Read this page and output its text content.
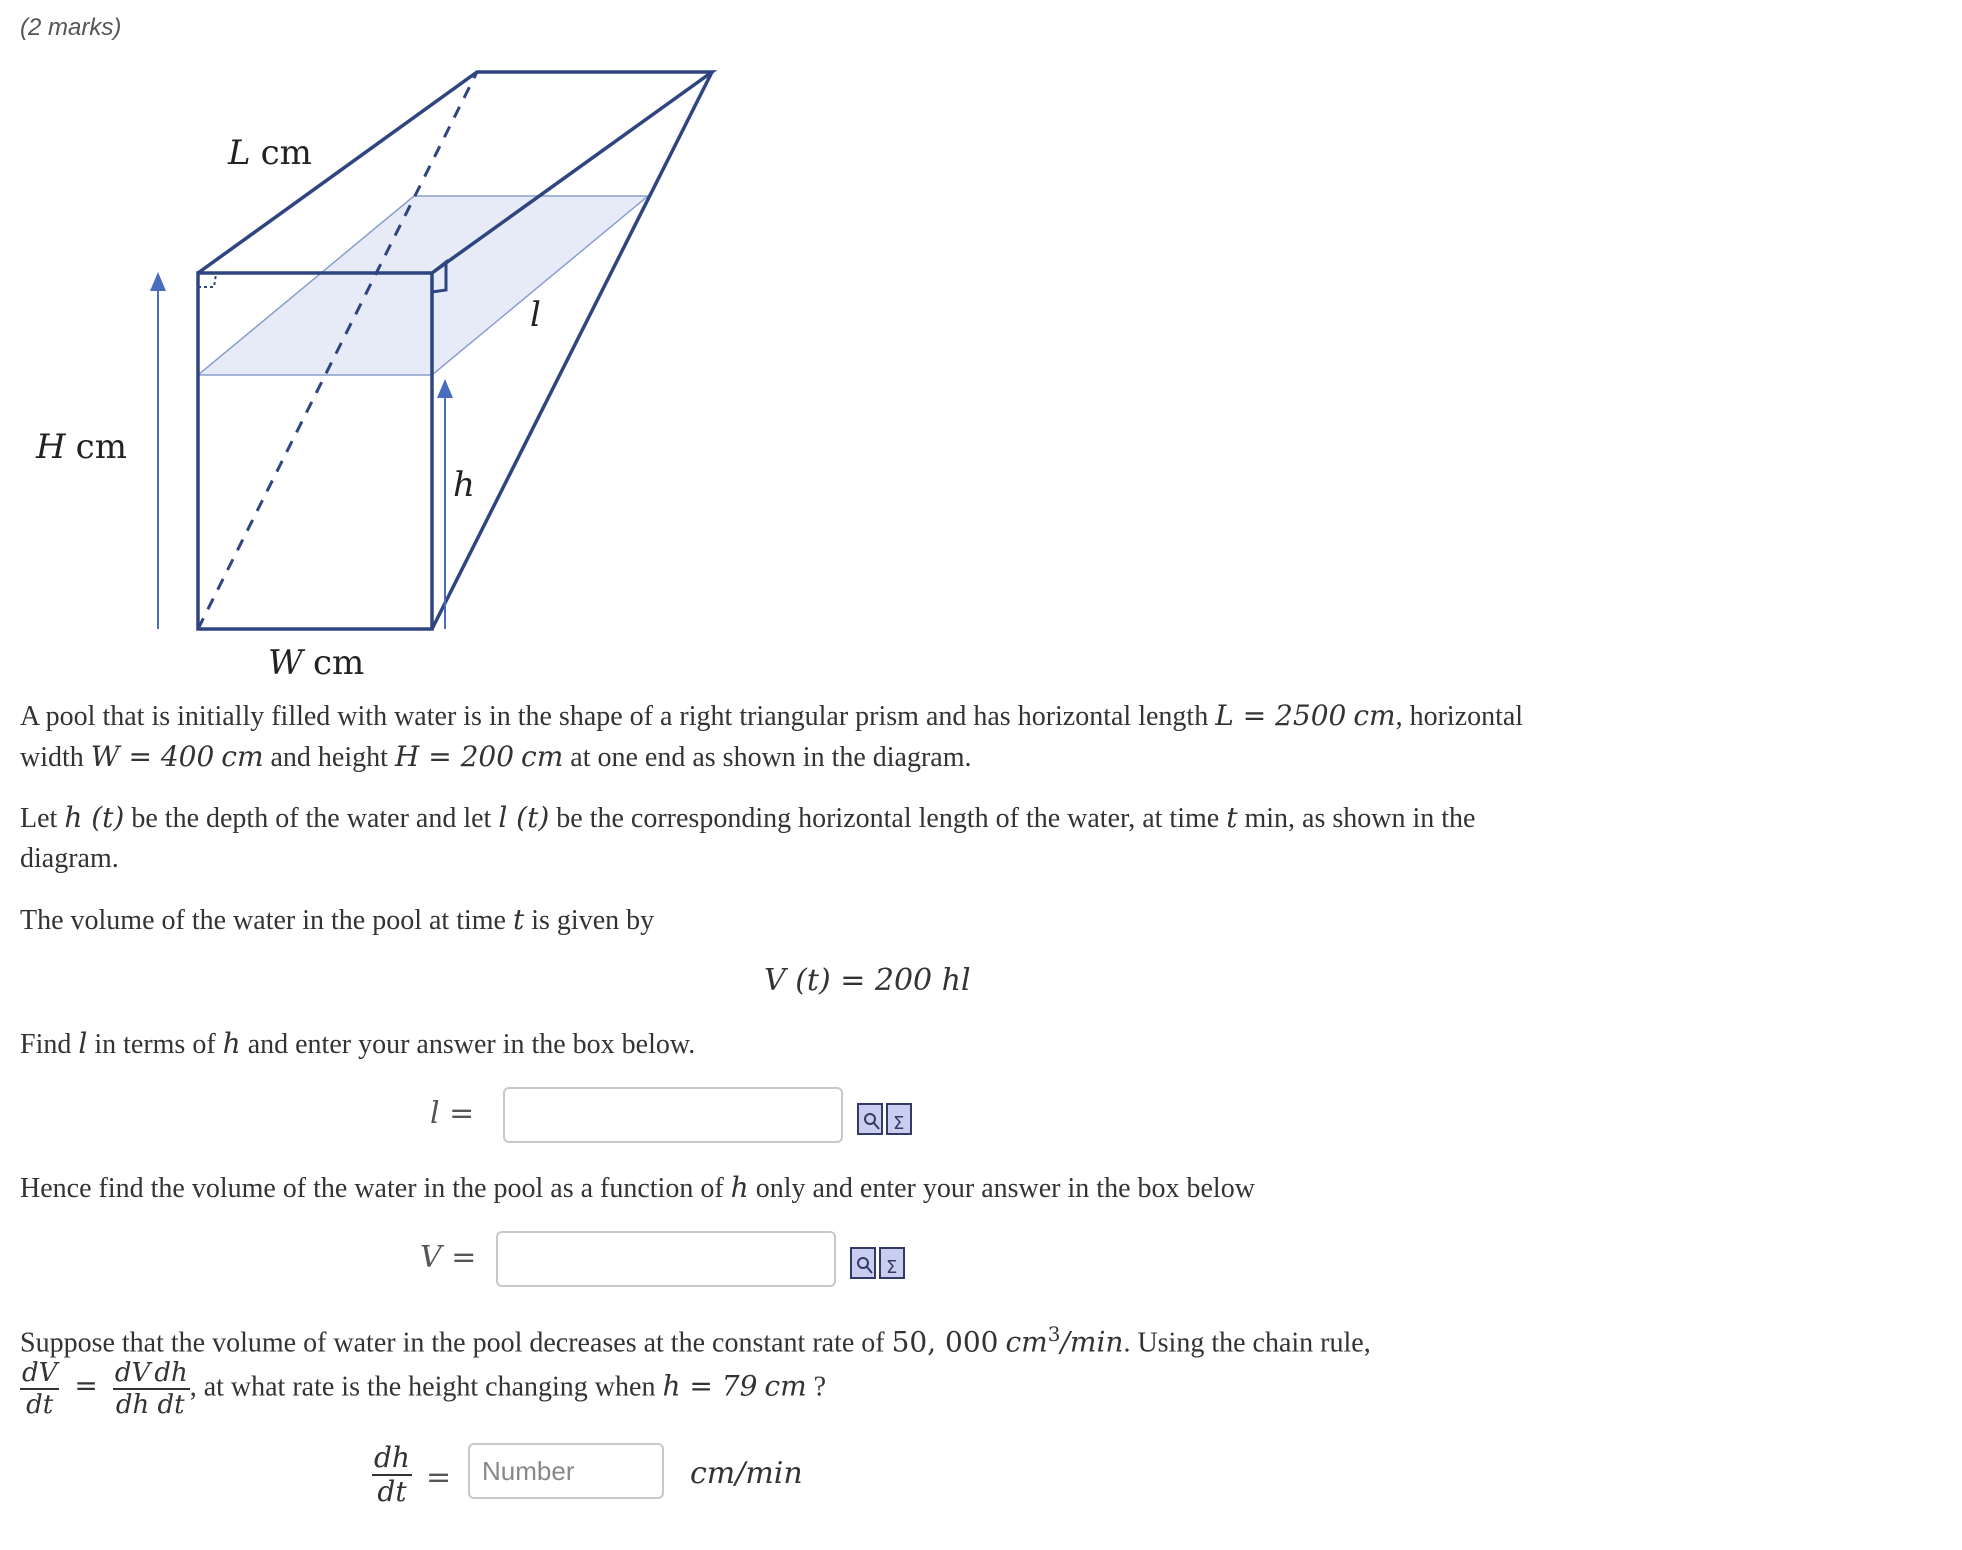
(2 marks)
L cm
H cm
W cm
l
h
A pool that is initially filled with water is in the shape of a right triangular prism and has horizontal length L = 2500 cm, horizontal
width W = 400 cm and height H = 200 cm at one end as shown in the diagram.
Let h (t) be the depth of the water and let l (t) be the corresponding horizontal length of the water, at time t min, as shown in the
diagram.
The volume of the water in the pool at time t is given by
V (t) = 200 hl
Find l in terms of h and enter your answer in the box below.
l =	Σ
Hence find the volume of the water in the pool as a function of h only and enter your answer in the box below
V =	Σ
Suppose that the volume of water in the pool decreases at the constant rate of 50, 000 $cm^3/\min$. Using the chain rule,
$\frac{dV}{dt} = \frac{dV}{dh} \frac{dh}{dt}$ , at what rate is the height changing when h = 79 cm ?
$\frac{dh}{dt}$ =
Number	cm/min
